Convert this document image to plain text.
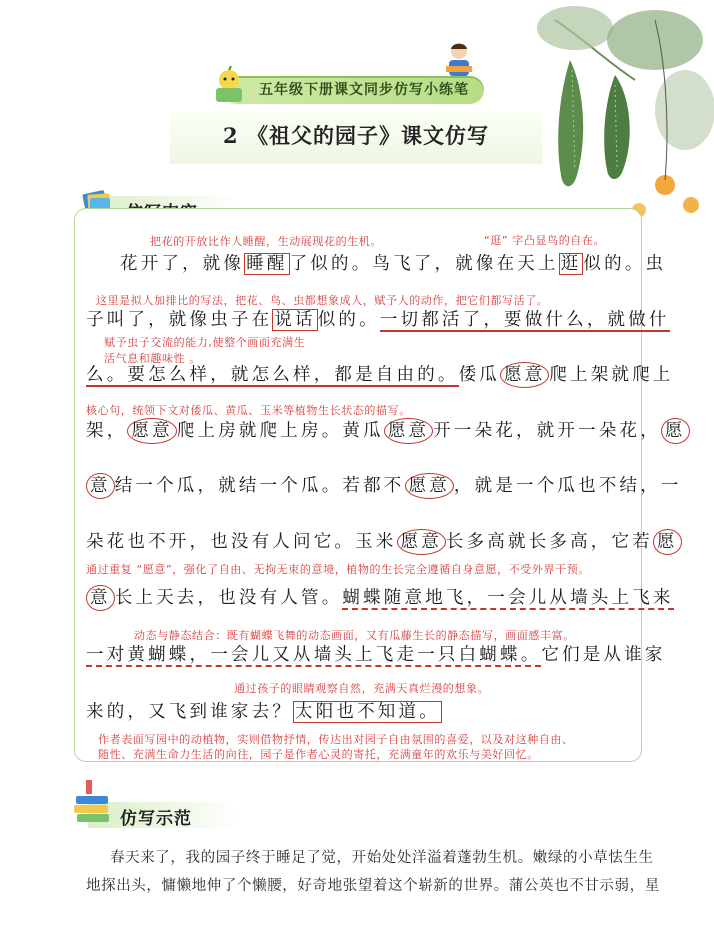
五年级下册课文同步仿写小练笔
2 《祖父的园子》课文仿写
把花的开放比作人睡醒，生动展现花的生机。	“逛” 字凸显鸟的自在。
花开了，就像 睡醒 了似的。鸟飞了，就像在天上 逛 似的。虫
这里是拟人加排比的写法，把花、鸟、虫都想象成人，赋予人的动作，把它们都写活了。
子叫了，就像虫子在 说话 似的。一切都活了，要做什么，就做什
赋予虫子交流的能力,使整个画面充满生
活气息和趣味性 。
么。要怎么样，就怎么样，都是自由的。倭瓜 愿意 爬上架就爬上
核心句，统领下文对倭瓜、黄瓜、玉米等植物生长状态的描写。
架， 愿意 爬上房就爬上房。黄瓜 愿意 开一朵花，就开一朵花， 愿
意 结一个瓜，就结一个瓜。若都不 愿意 ，就是一个瓜也不结，一
朵花也不开，也没有人问它。玉米 愿意 长多高就长多高，它若 愿
通过重复 “愿意”，强化了自由、无拘无束的意境，植物的生长完全遵循自身意愿，不受外界干预。
意 长上天去，也没有人管。蝴蝶随意地飞，一会儿从墙头上飞来
动态与静态结合：既有蝴蝶飞舞的动态画面，又有瓜藤生长的静态描写，画面感丰富。
一对黄蝴蝶，一会儿又从墙头上飞走一只白蝴蝶。它们是从谁家
通过孩子的眼睛观察自然，充满天真烂漫的想象。
来的，又飞到谁家去？ 太阳也不知道。
作者表面写园中的动植物，实则借物抒情，传达出对园子自由氛围的喜爱，以及对这种自由、
随性、充满生命力生活的向往，园子是作者心灵的寄托，充满童年的欢乐与美好回忆。
仿写示范
春天来了，我的园子终于睡足了觉，开始处处洋溢着蓬勃生机。嫩绿的小草怯生生
地探出头，慵懒地伸了个懒腰，好奇地张望着这个崭新的世界。蒲公英也不甘示弱，星
